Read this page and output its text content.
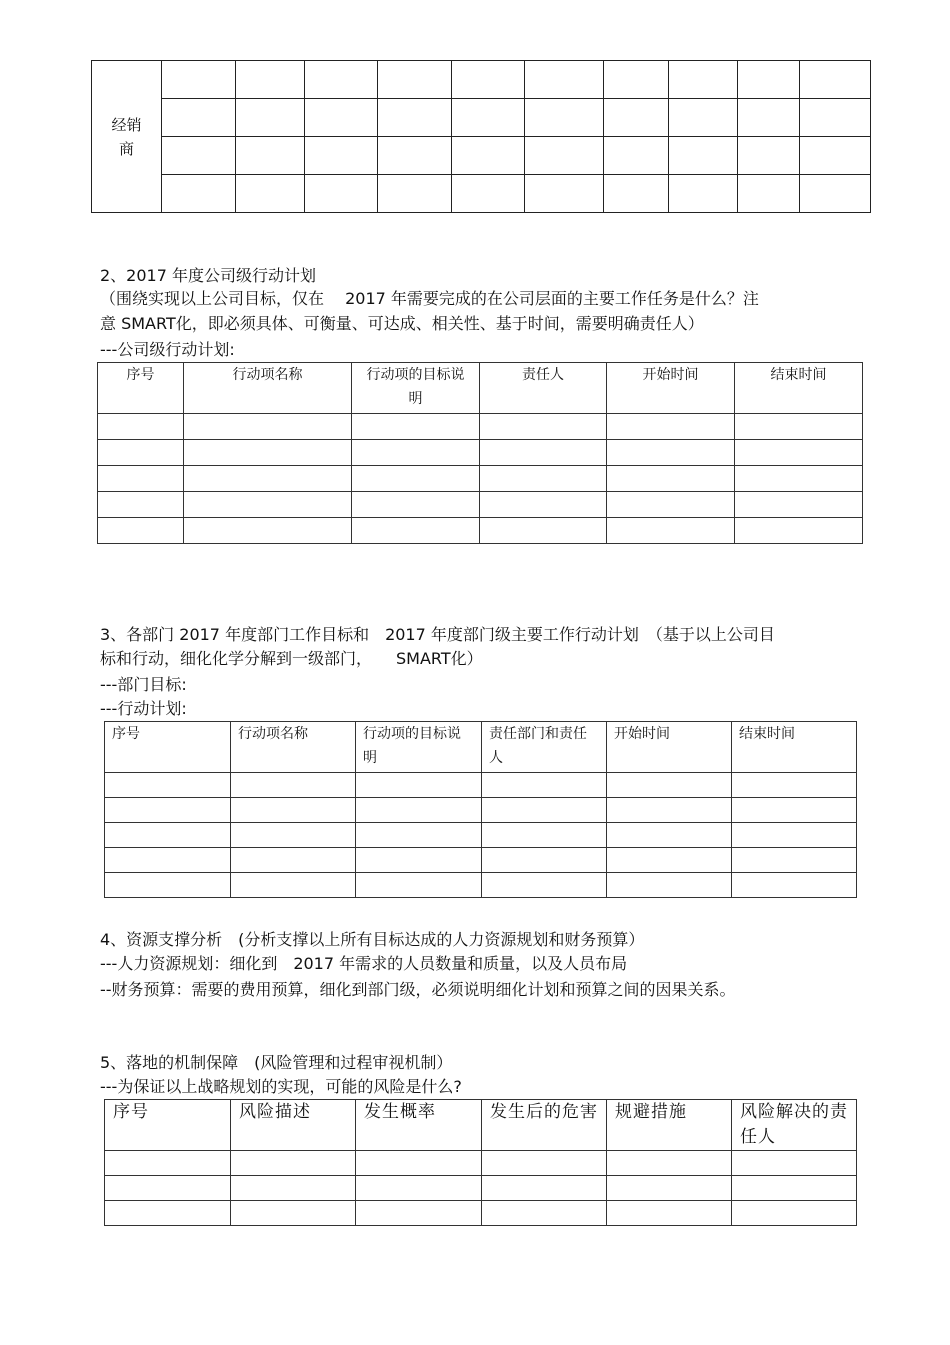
经销商										

2、2017 年度公司级行动计划
（围绕实现以上公司目标，仅在　 2017 年需要完成的在公司层面的主要工作任务是什么？注
意 SMART化，即必须具体、可衡量、可达成、相关性、基于时间，需要明确责任人）
---公司级行动计划:
序号	行动项名称	行动项的目标说明	责任人	开始时间	结束时间

3、各部门 2017 年度部门工作目标和　2017 年度部门级主要工作行动计划　（基于以上公司目
标和行动，细化化学分解到一级部门，　　SMART化）
---部门目标:
---行动计划:
序号	行动项名称	行动项的目标说明	责任部门和责任人	开始时间	结束时间

4、资源支撑分析　(分析支撑以上所有目标达成的人力资源规划和财务预算）
---人力资源规划：细化到　2017 年需求的人员数量和质量，以及人员布局
--财务预算：需要的费用预算，细化到部门级，必须说明细化计划和预算之间的因果关系。
5、落地的机制保障　(风险管理和过程审视机制）
---为保证以上战略规划的实现，可能的风险是什么?
序号	风险描述	发生概率	发生后的危害	规避措施	风险解决的责任人
